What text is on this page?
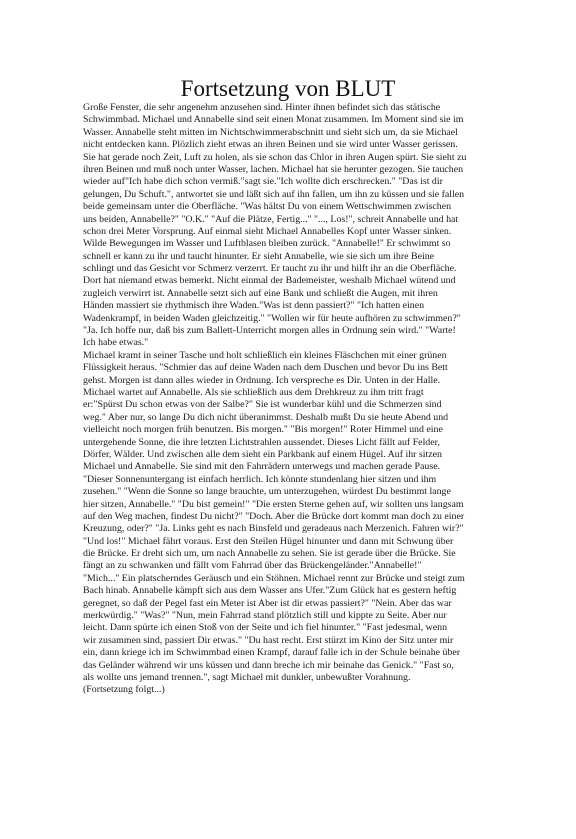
Fortsetzung von BLUT
Große Fenster, die sehr angenehm anzusehen sind. Hinter ihnen befindet sich das stätische
Schwimmbad. Michael und Annabelle sind seit einen Monat zusammen. Im Moment sind sie im
Wasser. Annabelle steht mitten im Nichtschwimmerabschnitt und sieht sich um, da sie Michael
nicht entdecken kann. Plözlich zieht etwas an ihren Beinen und sie wird unter Wasser gerissen.
Sie hat gerade noch Zeit, Luft zu holen, als sie schon das Chlor in ihren Augen spürt. Sie sieht zu
ihren Beinen und muß noch unter Wasser, lachen. Michael hat sie herunter gezogen. Sie tauchen
wieder auf"Ich habe dich schon vermiß."sagt sie."Ich wollte dich erschrecken." "Das ist dir
gelungen, Du Schuft.", antwortet sie und läßt sich auf ihn fallen, um ihn zu küssen und sie fallen
beide gemeinsam unter die Oberfläche. "Was hältst Du von einem Wettschwimmen zwischen
uns beiden, Annabelle?" "O.K." "Auf die Plätze, Fertig..." "..., Los!", schreit Annabelle und hat
schon drei Meter Vorsprung. Auf einmal sieht Michael Annabelles Kopf unter Wasser sinken.
Wilde Bewegungen im Wasser und Luftblasen bleiben zurück. "Annabelle!" Er schwimmt so
schnell er kann zu ihr und taucht hinunter. Er sieht Annabelle, wie sie sich um ihre Beine
schlingt und das Gesicht vor Schmerz verzerrt. Er taucht zu ihr und hilft ihr an die Oberfläche.
Dort hat niemand etwas bemerkt. Nicht einmal der Bademeister, weshalb Michael wütend und
zugleich verwirrt ist. Annabelle setzt sich auf eine Bank und schließt die Augen, mit ihren
Händen massiert sie rhythmisch ihre Waden."Was ist denn passiert?" "Ich hatten einen
Wadenkrampf, in beiden Waden gleichzeitig." "Wollen wir für heute aufhören zu schwimmen?"
"Ja. Ich hoffe nur, daß bis zum Ballett-Unterricht morgen alles in Ordnung sein wird." "Warte!
Ich habe etwas."
Michael kramt in seiner Tasche und holt schließlich ein kleines Fläschchen mit einer grünen
Flüssigkeit heraus. "Schmier das auf deine Waden nach dem Duschen und bevor Du ins Bett
gehst. Morgen ist dann alles wieder in Ordnung. Ich verspreche es Dir. Unten in der Halle.
Michael wartet auf Annabelle. Als sie schließlich aus dem Drehkreuz zu ihm tritt fragt
er:"Spürst Du schon etwas von der Salbe?" Sie ist wunderbar kühl und die Schmerzen sind
weg." Aber nur, so lange Du dich nicht überanimmst. Deshalb mußt Du sie heute Abend und
vielleicht noch morgen früh benutzen. Bis morgen." "Bis morgen!" Roter Himmel und eine
untergehende Sonne, die ihre letzten Lichtstrahlen aussendet. Dieses Licht fällt auf Felder,
Dörfer, Wälder. Und zwischen alle dem sieht ein Parkbank auf einem Hügel. Auf ihr sitzen
Michael und Annabelle. Sie sind mit den Fahrrädern unterwegs und machen gerade Pause.
"Dieser Sonnenuntergang ist einfach herrlich. Ich könnte stundenlang hier sitzen und ihm
zusehen." "Wenn die Sonne so lange brauchte, um unterzugehen, würdest Du bestimmt lange
hier sitzen, Annabelle." "Du bist gemein!" "Die ersten Sterne gehen auf, wir sollten uns langsam
auf den Weg machen, findest Du nicht?" "Doch. Aber die Brücke dort kommt man doch zu einer
Kreuzung, oder?" "Ja. Links geht es nach Binsfeld und geradeaus nach Merzenich. Fahren wir?"
"Und los!" Michael fährt voraus. Erst den Steilen Hügel hinunter und dann mit Schwung über
die Brücke. Er dreht sich um, um nach Annabelle zu sehen. Sie ist gerade über die Brücke. Sie
fängt an zu schwanken und fällt vom Fahrrad über das Brückengeländer."Annabelle!"
"Mich..." Ein platscherndes Geräusch und ein Stöhnen. Michael rennt zur Brücke und steigt zum
Bach hinab. Annabelle kämpft sich aus dem Wasser ans Ufer."Zum Glück hat es gestern heftig
geregnet, so daß der Pegel fast ein Meter ist Aber ist dir etwas passiert?" "Nein. Aber das war
merkwürdig." "Was?" "Nun, mein Fahrrad stand plötzlich still und kippte zu Seite. Aber nur
leicht. Dann spürte ich einen Stoß von der Seite und ich fiel hinunter." "Fast jedesmal, wenn
wir zusammen sind, passiert Dir etwas." "Du hast recht. Erst stürzt im Kino der Sitz unter mir
ein, dann kriege ich im Schwimmbad einen Krampf, darauf falle ich in der Schule beinahe über
das Geländer während wir uns küssen und dann breche ich mir beinahe das Genick." "Fast so,
als wollte uns jemand trennen.", sagt Michael mit dunkler, unbewußter Vorahnung.
(Fortsetzung folgt...)
